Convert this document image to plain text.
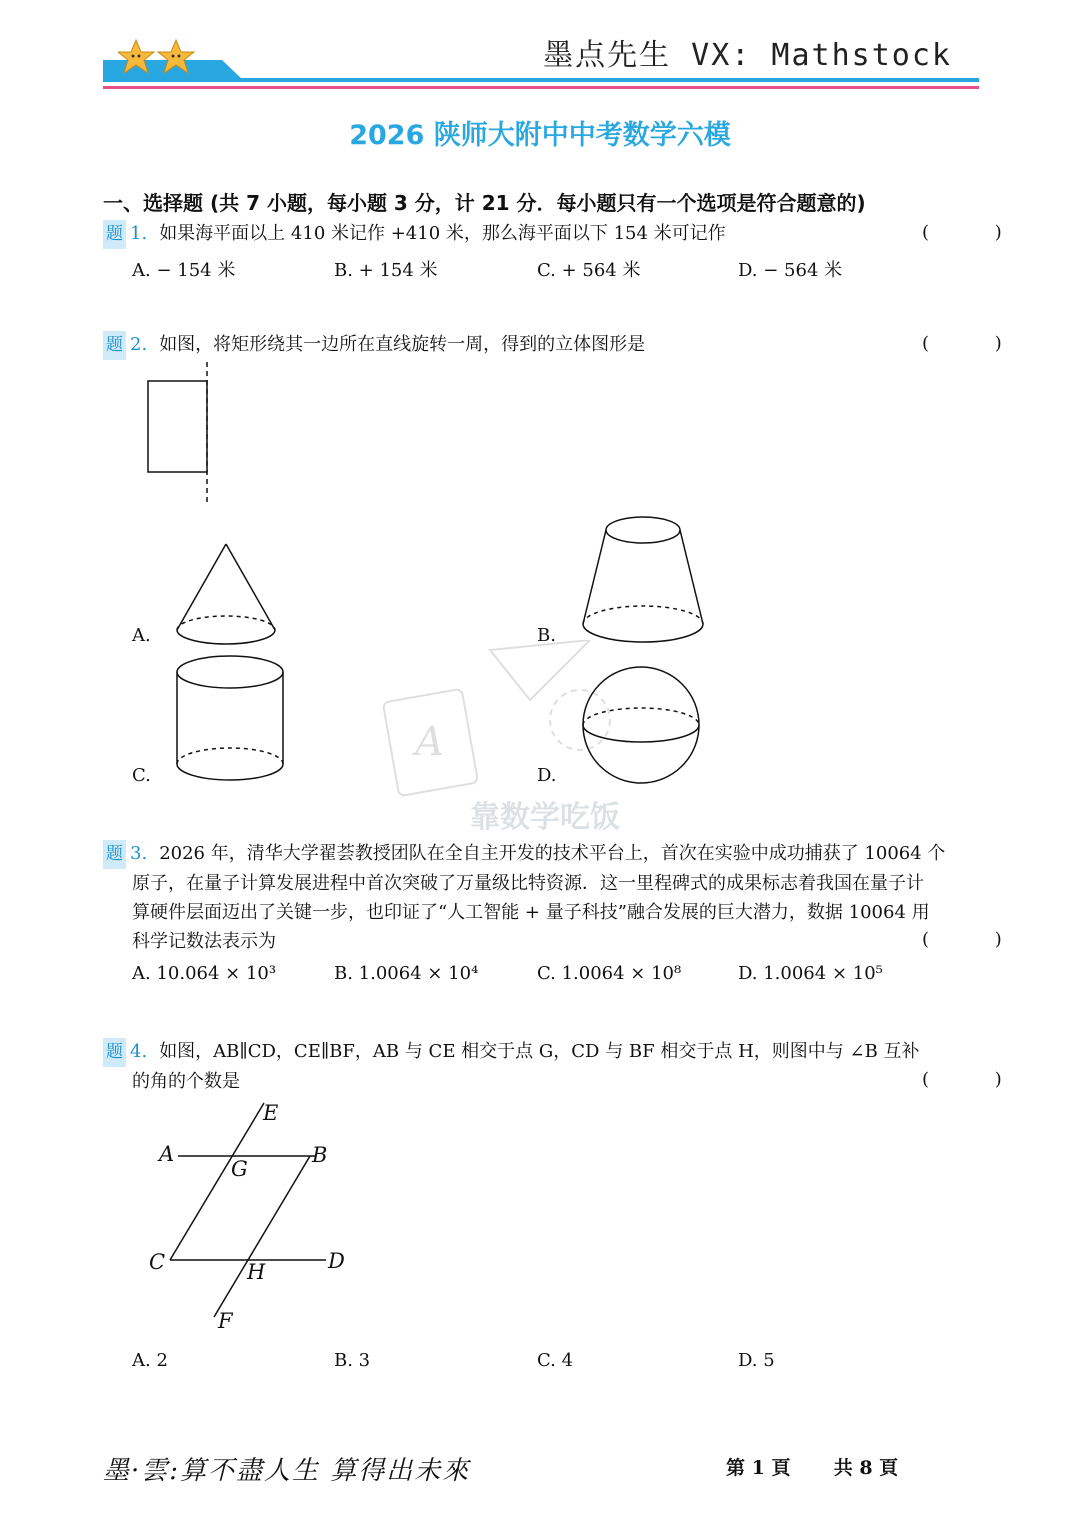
墨点先生 VX: Mathstock
2026 陕师大附中中考数学六模
一、选择题 (共 7 小题，每小题 3 分，计 21 分．每小题只有一个选项是符合题意的)
题 1. 如果海平面以上 410 米记作 +410 米，那么海平面以下 154 米可记作	( )
A. − 154 米	B. + 154 米	C. + 564 米	D. − 564 米
题 2. 如图，将矩形绕其一边所在直线旋转一周，得到的立体图形是	( )
A.	B.
C.	D.
A
靠数学吃饭
题 3. 2026 年，清华大学翟荟教授团队在全自主开发的技术平台上，首次在实验中成功捕获了 10064 个
原子，在量子计算发展进程中首次突破了万量级比特资源．这一里程碑式的成果标志着我国在量子计
算硬件层面迈出了关键一步，也印证了“人工智能 + 量子科技”融合发展的巨大潜力，数据 10064 用
科学记数法表示为	( )
A. 10.064 × 10³	B. 1.0064 × 10⁴	C. 1.0064 × 10⁸	D. 1.0064 × 10⁵
题 4. 如图，AB∥CD，CE∥BF，AB 与 CE 相交于点 G，CD 与 BF 相交于点 H，则图中与 ∠B 互补
的角的个数是	( )
E
A
G
B
C	H	D
F
A. 2	B. 3	C. 4	D. 5
墨·雲:算不盡人生 算得出未來	第 1 頁 共 8 頁
